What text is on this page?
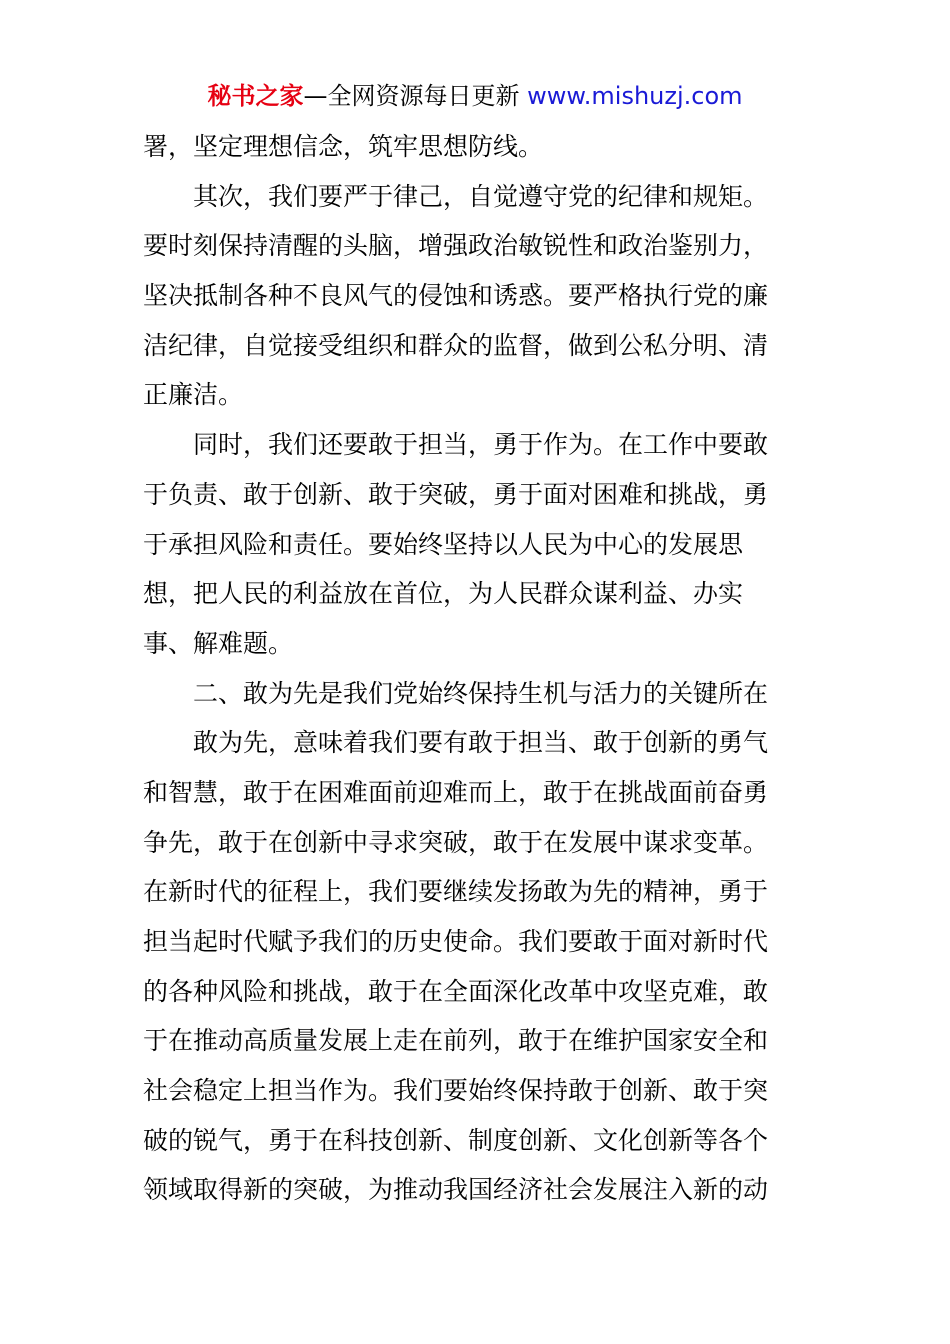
秘书之家—全网资源每日更新 www.mishuzj.com
署，坚定理想信念，筑牢思想防线。
其次，我们要严于律己，自觉遵守党的纪律和规矩。
要时刻保持清醒的头脑，增强政治敏锐性和政治鉴别力，
坚决抵制各种不良风气的侵蚀和诱惑。要严格执行党的廉
洁纪律，自觉接受组织和群众的监督，做到公私分明、清
正廉洁。
同时，我们还要敢于担当，勇于作为。在工作中要敢
于负责、敢于创新、敢于突破，勇于面对困难和挑战，勇
于承担风险和责任。要始终坚持以人民为中心的发展思
想，把人民的利益放在首位，为人民群众谋利益、办实
事、解难题。
二、敢为先是我们党始终保持生机与活力的关键所在
敢为先，意味着我们要有敢于担当、敢于创新的勇气
和智慧，敢于在困难面前迎难而上，敢于在挑战面前奋勇
争先，敢于在创新中寻求突破，敢于在发展中谋求变革。
在新时代的征程上，我们要继续发扬敢为先的精神，勇于
担当起时代赋予我们的历史使命。我们要敢于面对新时代
的各种风险和挑战，敢于在全面深化改革中攻坚克难，敢
于在推动高质量发展上走在前列，敢于在维护国家安全和
社会稳定上担当作为。我们要始终保持敢于创新、敢于突
破的锐气，勇于在科技创新、制度创新、文化创新等各个
领域取得新的突破，为推动我国经济社会发展注入新的动
